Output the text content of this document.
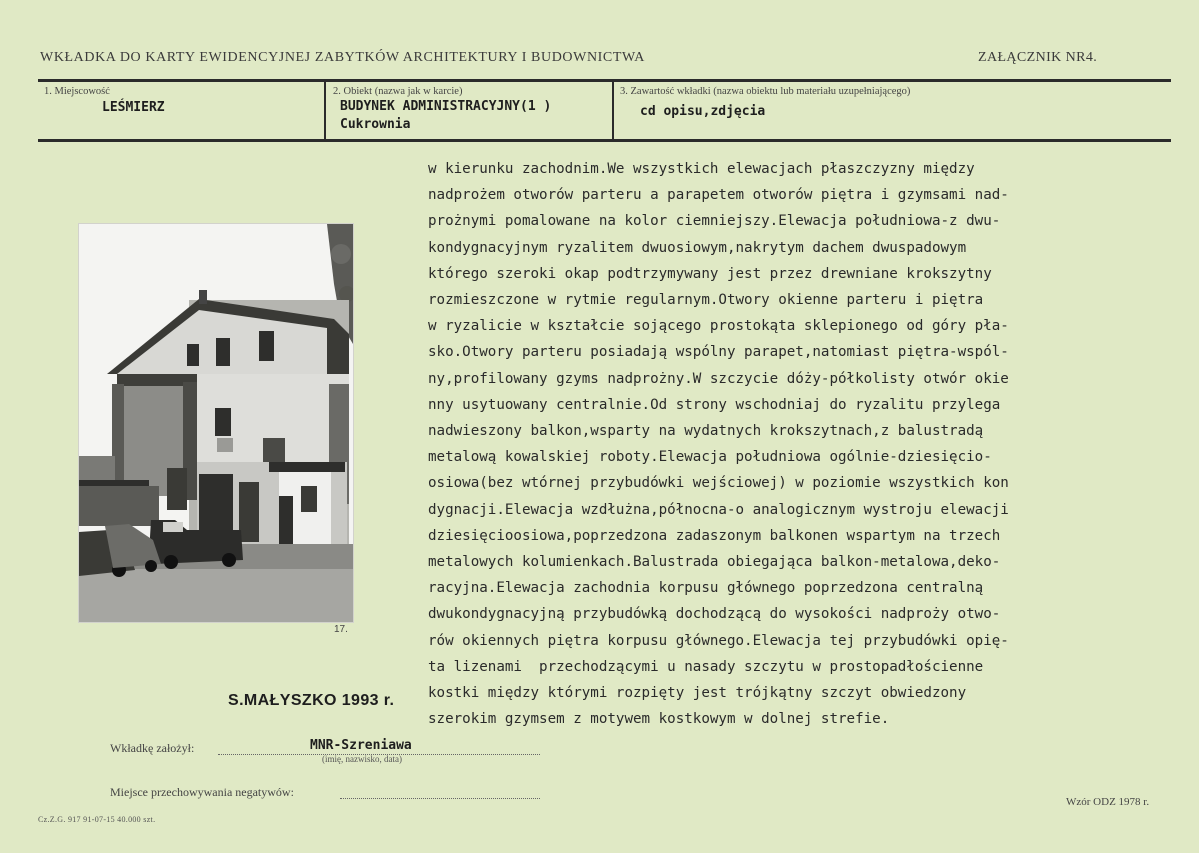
WKŁADKA DO KARTY EWIDENCYJNEJ ZABYTKÓW ARCHITEKTURY I BUDOWNICTWA	ZAŁĄCZNIK NR4.
1. Miejscowość
LEŚMIERZ
2. Obiekt (nazwa jak w karcie)
BUDYNEK ADMINISTRACYJNY(1 )
Cukrownia
3. Zawartość wkładki (nazwa obiektu lub materiału uzupełniającego)
cd opisu,zdjęcia
17.
S.MAŁYSZKO 1993 r.
w kierunku zachodnim.We wszystkich elewacjach płaszczyzny między
nadprożem otworów parteru a parapetem otworów piętra i gzymsami nad-
prożnymi pomalowane na kolor ciemniejszy.Elewacja południowa-z dwu-
kondygnacyjnym ryzalitem dwuosiowym,nakrytym dachem dwuspadowym
którego szeroki okap podtrzymywany jest przez drewniane krokszytny
rozmieszczone w rytmie regularnym.Otwory okienne parteru i piętra
w ryzalicie w kształcie sojącego prostokąta sklepionego od góry pła-
sko.Otwory parteru posiadają wspólny parapet,natomiast piętra-wspól-
ny,profilowany gzyms nadprożny.W szczycie dóży-półkolisty otwór okie
nny usytuowany centralnie.Od strony wschodniaj do ryzalitu przylega
nadwieszony balkon,wsparty na wydatnych krokszytnach,z balustradą
metalową kowalskiej roboty.Elewacja południowa ogólnie-dziesięcio-
osiowa(bez wtórnej przybudówki wejściowej) w poziomie wszystkich kon
dygnacji.Elewacja wzdłużna,północna-o analogicznym wystroju elewacji
dziesięcioosiowa,poprzedzona zadaszonym balkonen wspartym na trzech
metalowych kolumienkach.Balustrada obiegająca balkon-metalowa,deko-
racyjna.Elewacja zachodnia korpusu głównego poprzedzona centralną
dwukondygnacyjną przybudówką dochodzącą do wysokości nadproży otwo-
rów okiennych piętra korpusu głównego.Elewacja tej przybudówki opię-
ta lizenami  przechodzącymi u nasady szczytu w prostopadłościenne
kostki między którymi rozpięty jest trójkątny szczyt obwiedzony
szerokim gzymsem z motywem kostkowym w dolnej strefie.
Wkładkę założył:	MNR-Szreniawa
(imię, nazwisko, data)
Miejsce przechowywania negatywów:
Wzór ODZ 1978 r.
Cz.Z.G. 917 91-07-15 40.000 szt.
